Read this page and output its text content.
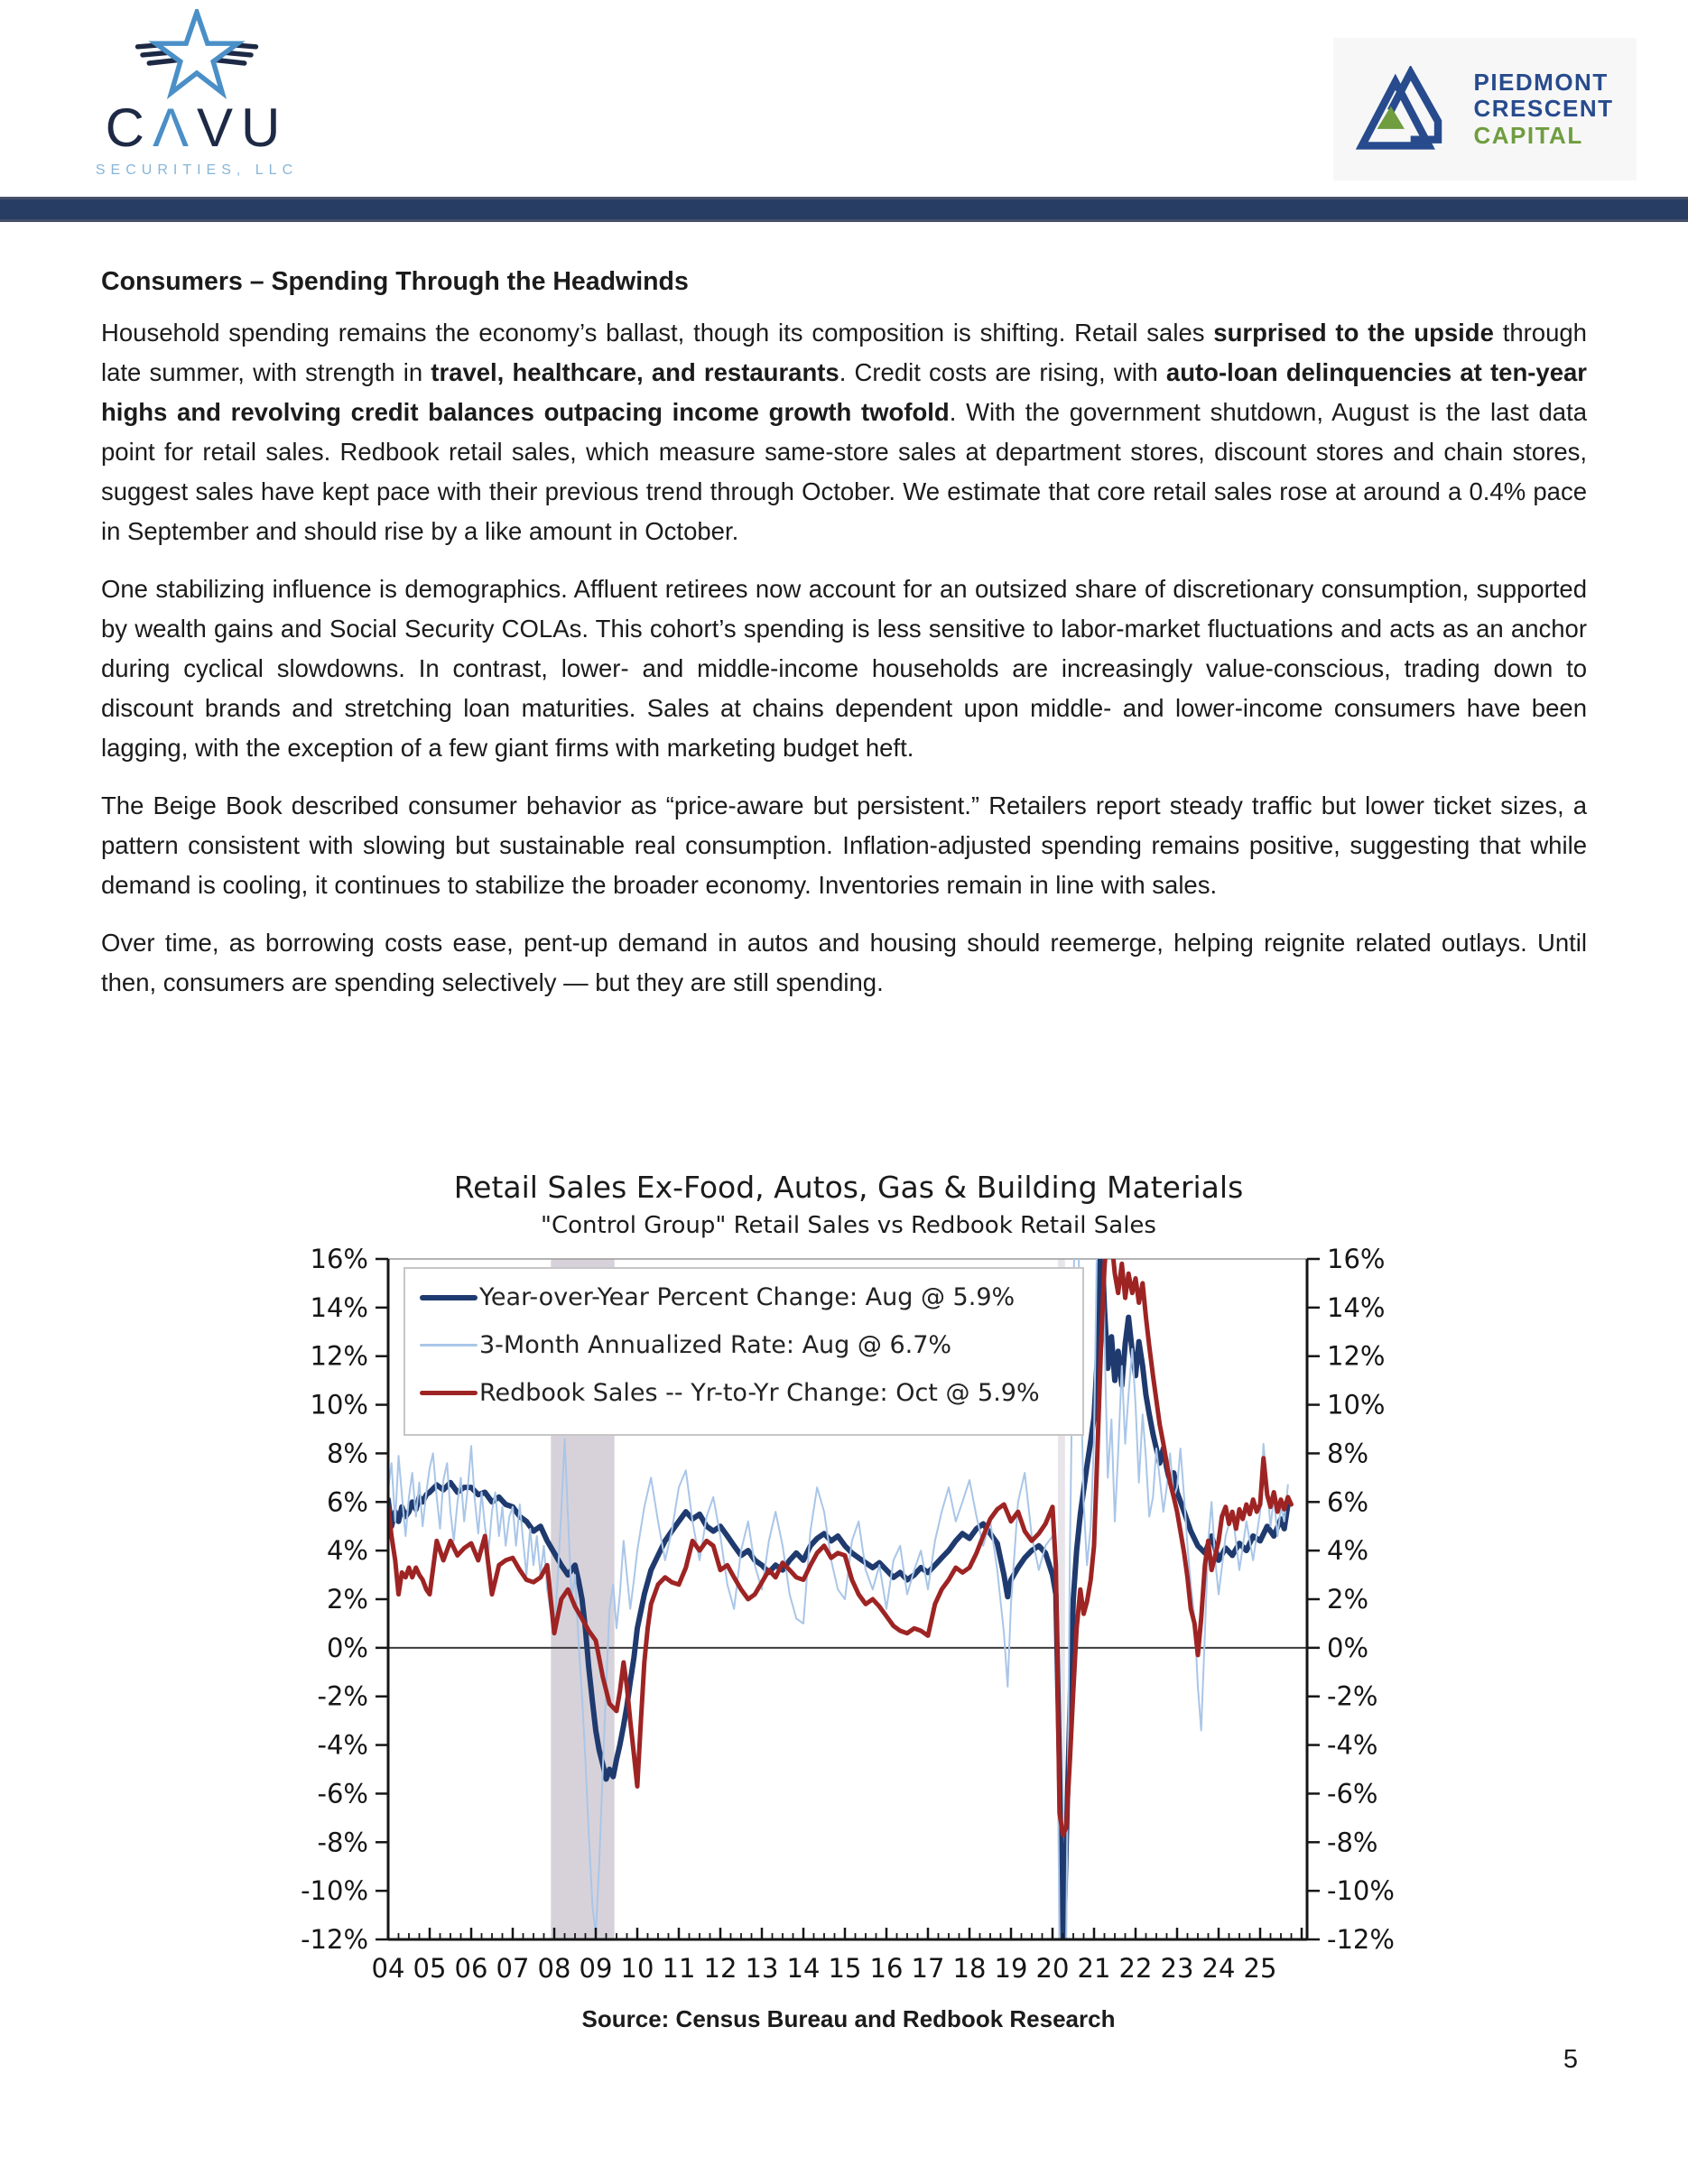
CΛVU
SECURITIES, LLC
PIEDMONT
CRESCENT
CAPITAL
Consumers – Spending Through the Headwinds

Household spending remains the economy’s ballast, though its composition is shifting. Retail sales surprised to the upside through late summer, with strength in travel, healthcare, and restaurants. Credit costs are rising, with auto-loan delinquencies at ten-year highs and revolving credit balances outpacing income growth twofold. With the government shutdown, August is the last data point for retail sales. Redbook retail sales, which measure same-store sales at department stores, discount stores and chain stores, suggest sales have kept pace with their previous trend through October. We estimate that core retail sales rose at around a 0.4% pace in September and should rise by a like amount in October.

One stabilizing influence is demographics. Affluent retirees now account for an outsized share of discretionary consumption, supported by wealth gains and Social Security COLAs. This cohort’s spending is less sensitive to labor-market fluctuations and acts as an anchor during cyclical slowdowns. In contrast, lower- and middle-income households are increasingly value-conscious, trading down to discount brands and stretching loan maturities. Sales at chains dependent upon middle- and lower-income consumers have been lagging, with the exception of a few giant firms with marketing budget heft.

The Beige Book described consumer behavior as “price-aware but persistent.” Retailers report steady traffic but lower ticket sizes, a pattern consistent with slowing but sustainable real consumption. Inflation-adjusted spending remains positive, suggesting that while demand is cooling, it continues to stabilize the broader economy. Inventories remain in line with sales.

Over time, as borrowing costs ease, pent-up demand in autos and housing should reemerge, helping reignite related outlays. Until then, consumers are spending selectively — but they are still spending.

Retail Sales Ex-Food, Autos, Gas & Building Materials
"Control Group" Retail Sales vs Redbook Retail Sales
16%	16%
14%	14%
12%	12%
10%	10%
8%	8%
6%	6%
4%	4%
2%	2%
0%	0%
-2%	-2%
-4%	-4%
-6%	-6%
-8%	-8%
-10%	-10%
-12%	-12%
04 05 06 07 08 09 10 11 12 13 14 15 16 17 18 19 20 21 22 23 24 25
Year-over-Year Percent Change: Aug @ 5.9%
3-Month Annualized Rate: Aug @ 6.7%
Redbook Sales -- Yr-to-Yr Change: Oct @ 5.9%
Source: Census Bureau and Redbook Research
5
